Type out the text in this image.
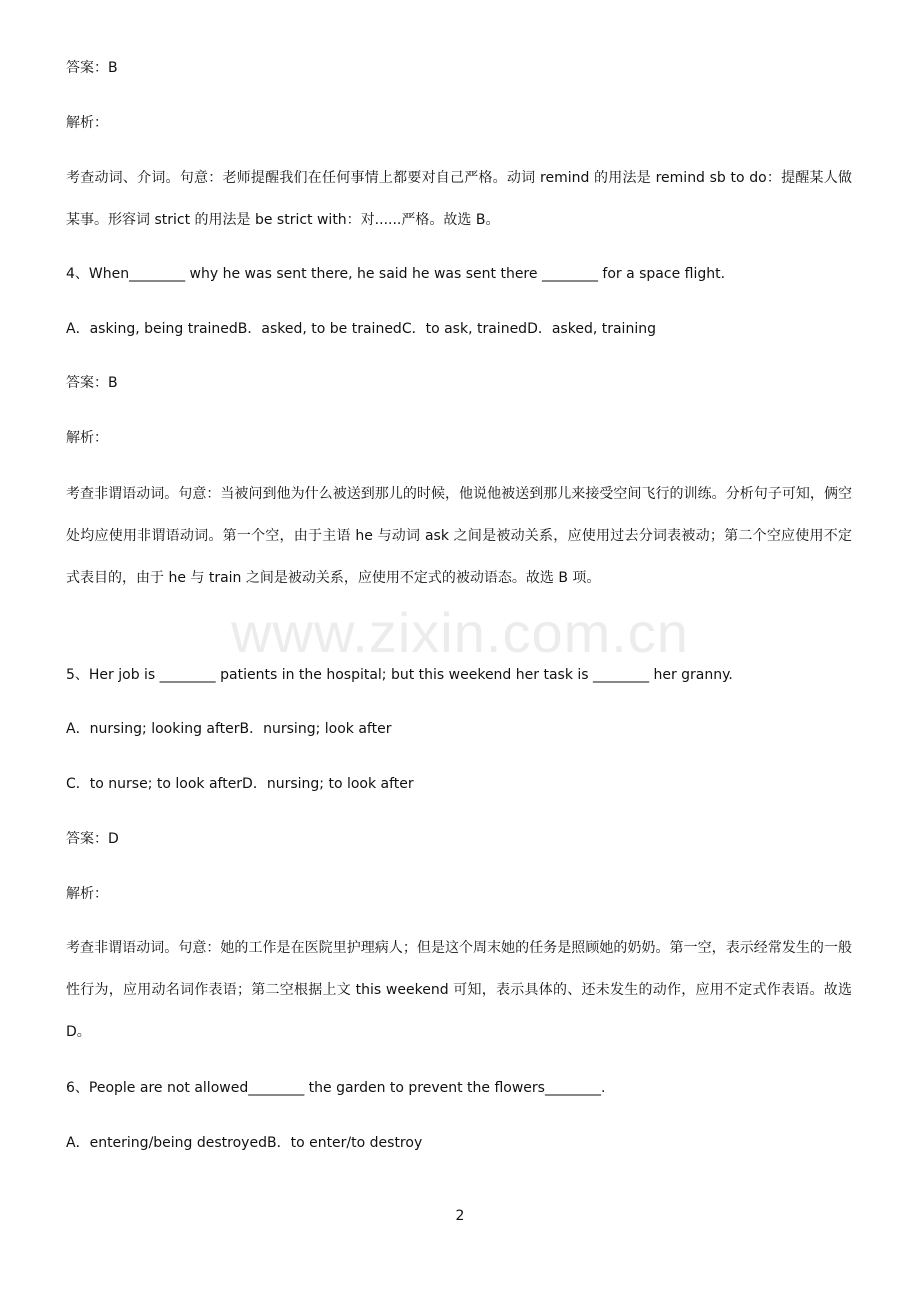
www.zixin.com.cn
答案：B
解析：
考查动词、介词。句意：老师提醒我们在任何事情上都要对自己严格。动词 remind 的用法是 remind sb to do：提醒某人做某事。形容词 strict 的用法是 be strict with：对......严格。故选 B。
4、When________ why he was sent there, he said he was sent there ________ for a space flight.
A．asking, being trainedB．asked, to be trainedC．to ask, trainedD．asked, training
答案：B
解析：
考查非谓语动词。句意：当被问到他为什么被送到那儿的时候，他说他被送到那儿来接受空间飞行的训练。分析句子可知，俩空处均应使用非谓语动词。第一个空，由于主语 he 与动词 ask 之间是被动关系，应使用过去分词表被动；第二个空应使用不定式表目的，由于 he 与 train 之间是被动关系，应使用不定式的被动语态。故选 B 项。
5、Her job is ________ patients in the hospital; but this weekend her task is ________ her granny.
A．nursing; looking afterB．nursing; look after
C．to nurse; to look afterD．nursing; to look after
答案：D
解析：
考查非谓语动词。句意：她的工作是在医院里护理病人；但是这个周末她的任务是照顾她的奶奶。第一空，表示经常发生的一般性行为，应用动名词作表语；第二空根据上文 this weekend 可知，表示具体的、还未发生的动作，应用不定式作表语。故选 D。
6、People are not allowed________ the garden to prevent the flowers________.
A．entering/being destroyedB．to enter/to destroy
2
